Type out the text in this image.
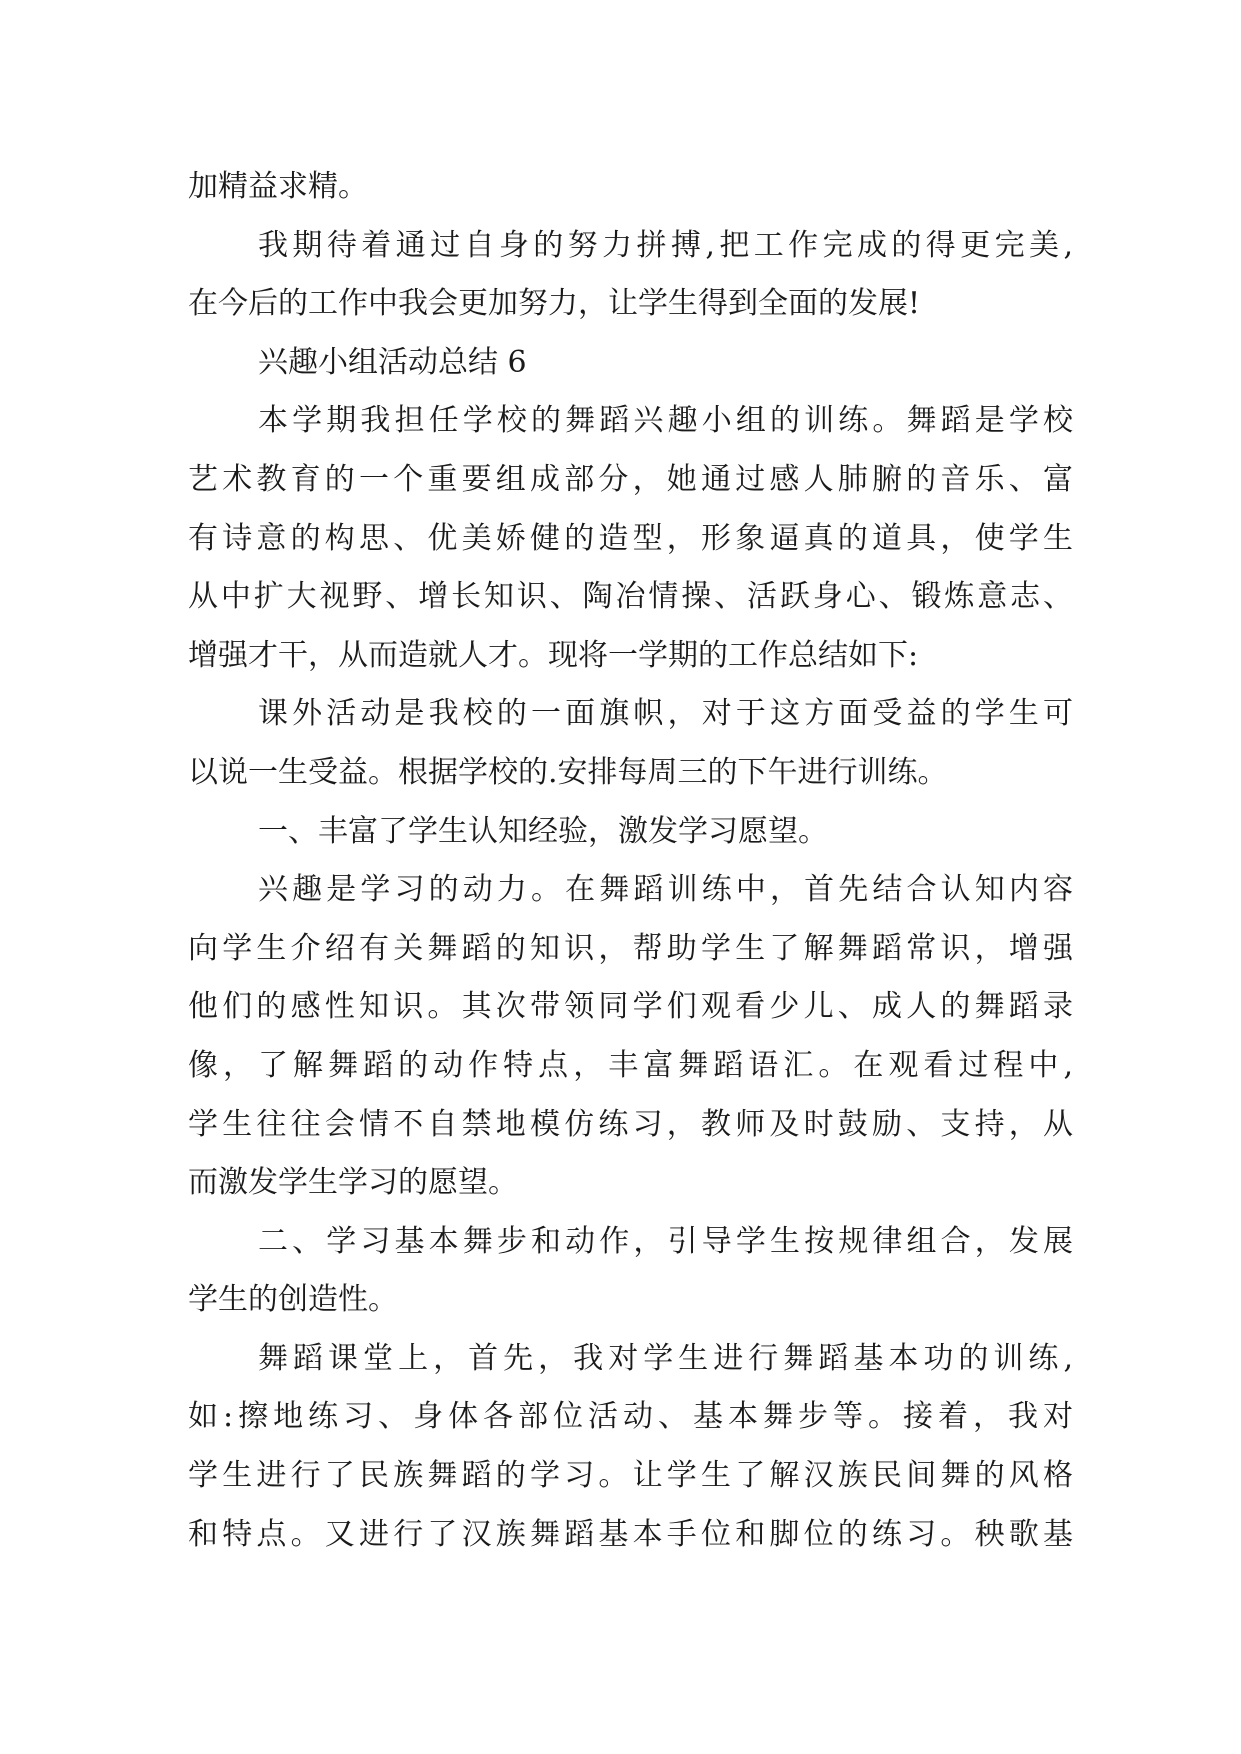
加精益求精。
我期待着通过自身的努力拼搏,把工作完成的得更完美,
在今后的工作中我会更加努力，让学生得到全面的发展!
兴趣小组活动总结 6
本学期我担任学校的舞蹈兴趣小组的训练。舞蹈是学校
艺术教育的一个重要组成部分，她通过感人肺腑的音乐、富
有诗意的构思、优美娇健的造型，形象逼真的道具，使学生
从中扩大视野、增长知识、陶冶情操、活跃身心、锻炼意志、
增强才干，从而造就人才。现将一学期的工作总结如下:
课外活动是我校的一面旗帜，对于这方面受益的学生可
以说一生受益。根据学校的.安排每周三的下午进行训练。
一、丰富了学生认知经验，激发学习愿望。
兴趣是学习的动力。在舞蹈训练中，首先结合认知内容
向学生介绍有关舞蹈的知识，帮助学生了解舞蹈常识，增强
他们的感性知识。其次带领同学们观看少儿、成人的舞蹈录
像，了解舞蹈的动作特点，丰富舞蹈语汇。在观看过程中,
学生往往会情不自禁地模仿练习，教师及时鼓励、支持，从
而激发学生学习的愿望。
二、学习基本舞步和动作，引导学生按规律组合，发展
学生的创造性。
舞蹈课堂上，首先，我对学生进行舞蹈基本功的训练,
如:擦地练习、身体各部位活动、基本舞步等。接着，我对
学生进行了民族舞蹈的学习。让学生了解汉族民间舞的风格
和特点。又进行了汉族舞蹈基本手位和脚位的练习。秧歌基
